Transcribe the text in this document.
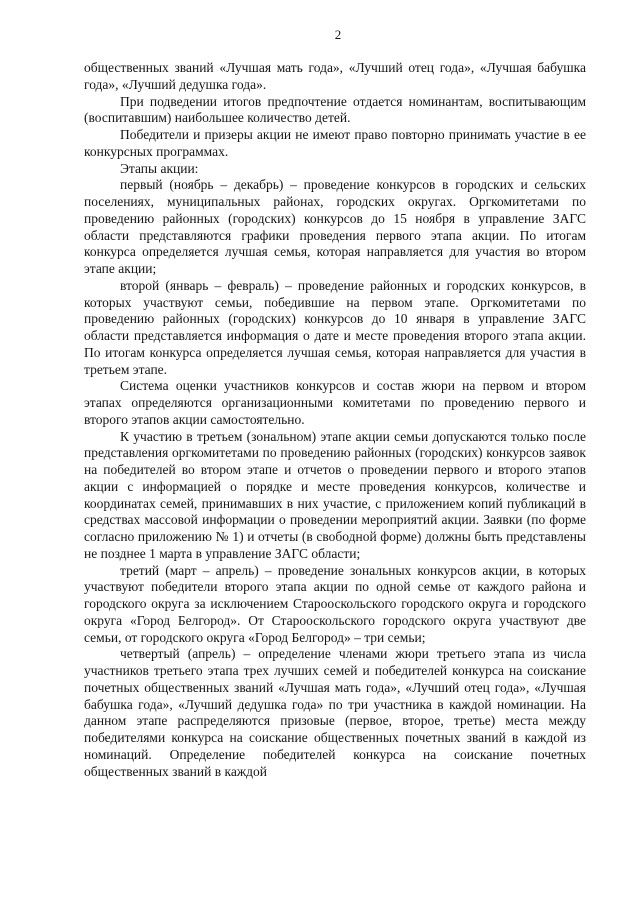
2

общественных званий «Лучшая мать года», «Лучший отец года», «Лучшая бабушка года», «Лучший дедушка года».

При подведении итогов предпочтение отдается номинантам, воспитывающим (воспитавшим) наибольшее количество детей.

Победители и призеры акции не имеют право повторно принимать участие в ее конкурсных программах.

Этапы акции:

первый (ноябрь – декабрь) – проведение конкурсов в городских и сельских поселениях, муниципальных районах, городских округах. Оргкомитетами по проведению районных (городских) конкурсов до 15 ноября в управление ЗАГС области представляются графики проведения первого этапа акции. По итогам конкурса определяется лучшая семья, которая направляется для участия во втором этапе акции;

второй (январь – февраль) – проведение районных и городских конкурсов, в которых участвуют семьи, победившие на первом этапе. Оргкомитетами по проведению районных (городских) конкурсов до 10 января в управление ЗАГС области представляется информация о дате и месте проведения второго этапа акции. По итогам конкурса определяется лучшая семья, которая направляется для участия в третьем этапе.

Система оценки участников конкурсов и состав жюри на первом и втором этапах определяются организационными комитетами по проведению первого и второго этапов акции самостоятельно.

К участию в третьем (зональном) этапе акции семьи допускаются только после представления оргкомитетами по проведению районных (городских) конкурсов заявок на победителей во втором этапе и отчетов о проведении первого и второго этапов акции с информацией о порядке и месте проведения конкурсов, количестве и координатах семей, принимавших в них участие, с приложением копий публикаций в средствах массовой информации о проведении мероприятий акции. Заявки (по форме согласно приложению № 1) и отчеты (в свободной форме) должны быть представлены не позднее 1 марта в управление ЗАГС области;

третий (март – апрель) – проведение зональных конкурсов акции, в которых участвуют победители второго этапа акции по одной семье от каждого района и городского округа за исключением Старооскольского городского округа и городского округа «Город Белгород». От Старооскольского городского округа участвуют две семьи, от городского округа «Город Белгород» – три семьи;

четвертый (апрель) – определение членами жюри третьего этапа из числа участников третьего этапа трех лучших семей и победителей конкурса на соискание почетных общественных званий «Лучшая мать года», «Лучший отец года», «Лучшая бабушка года», «Лучший дедушка года» по три участника в каждой номинации. На данном этапе распределяются призовые (первое, второе, третье) места между победителями конкурса на соискание общественных почетных званий в каждой из номинаций. Определение победителей конкурса на соискание почетных общественных званий в каждой
